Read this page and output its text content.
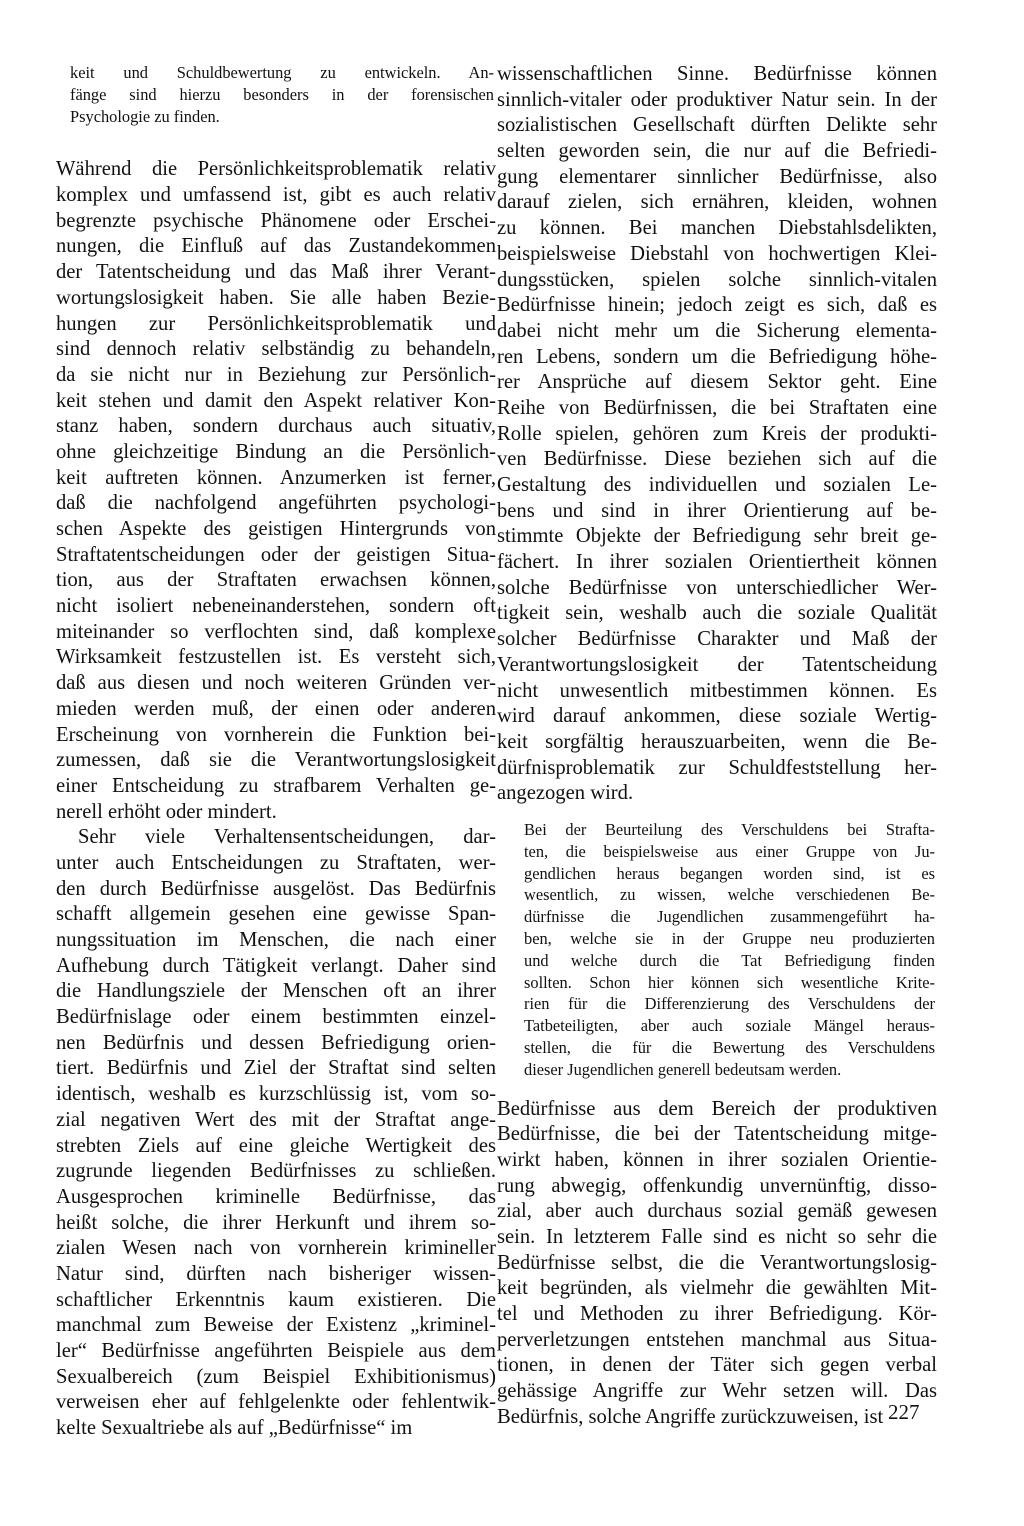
keit und Schuldbewertung zu entwickeln. An-
fänge sind hierzu besonders in der forensischen
Psychologie zu finden.
Während die Persönlichkeitsproblematik relativ
komplex und umfassend ist, gibt es auch relativ
begrenzte psychische Phänomene oder Erschei-
nungen, die Einfluß auf das Zustandekommen
der Tatentscheidung und das Maß ihrer Verant-
wortungslosigkeit haben. Sie alle haben Bezie-
hungen zur Persönlichkeitsproblematik und
sind dennoch relativ selbständig zu behandeln,
da sie nicht nur in Beziehung zur Persönlich-
keit stehen und damit den Aspekt relativer Kon-
stanz haben, sondern durchaus auch situativ,
ohne gleichzeitige Bindung an die Persönlich-
keit auftreten können. Anzumerken ist ferner,
daß die nachfolgend angeführten psychologi-
schen Aspekte des geistigen Hintergrunds von
Straftatentscheidungen oder der geistigen Situa-
tion, aus der Straftaten erwachsen können,
nicht isoliert nebeneinanderstehen, sondern oft
miteinander so verflochten sind, daß komplexe
Wirksamkeit festzustellen ist. Es versteht sich,
daß aus diesen und noch weiteren Gründen ver-
mieden werden muß, der einen oder anderen
Erscheinung von vornherein die Funktion bei-
zumessen, daß sie die Verantwortungslosigkeit
einer Entscheidung zu strafbarem Verhalten ge-
nerell erhöht oder mindert.
Sehr viele Verhaltensentscheidungen, dar-
unter auch Entscheidungen zu Straftaten, wer-
den durch Bedürfnisse ausgelöst. Das Bedürfnis
schafft allgemein gesehen eine gewisse Span-
nungssituation im Menschen, die nach einer
Aufhebung durch Tätigkeit verlangt. Daher sind
die Handlungsziele der Menschen oft an ihrer
Bedürfnislage oder einem bestimmten einzel-
nen Bedürfnis und dessen Befriedigung orien-
tiert. Bedürfnis und Ziel der Straftat sind selten
identisch, weshalb es kurzschlüssig ist, vom so-
zial negativen Wert des mit der Straftat ange-
strebten Ziels auf eine gleiche Wertigkeit des
zugrunde liegenden Bedürfnisses zu schließen.
Ausgesprochen kriminelle Bedürfnisse, das
heißt solche, die ihrer Herkunft und ihrem so-
zialen Wesen nach von vornherein krimineller
Natur sind, dürften nach bisheriger wissen-
schaftlicher Erkenntnis kaum existieren. Die
manchmal zum Beweise der Existenz „kriminel-
ler“ Bedürfnisse angeführten Beispiele aus dem
Sexualbereich (zum Beispiel Exhibitionismus)
verweisen eher auf fehlgelenkte oder fehlentwik-
kelte Sexualtriebe als auf „Bedürfnisse“ im
wissenschaftlichen Sinne. Bedürfnisse können
sinnlich-vitaler oder produktiver Natur sein. In der
sozialistischen Gesellschaft dürften Delikte sehr
selten geworden sein, die nur auf die Befriedi-
gung elementarer sinnlicher Bedürfnisse, also
darauf zielen, sich ernähren, kleiden, wohnen
zu können. Bei manchen Diebstahlsdelikten,
beispielsweise Diebstahl von hochwertigen Klei-
dungsstücken, spielen solche sinnlich-vitalen
Bedürfnisse hinein; jedoch zeigt es sich, daß es
dabei nicht mehr um die Sicherung elementa-
ren Lebens, sondern um die Befriedigung höhe-
rer Ansprüche auf diesem Sektor geht. Eine
Reihe von Bedürfnissen, die bei Straftaten eine
Rolle spielen, gehören zum Kreis der produkti-
ven Bedürfnisse. Diese beziehen sich auf die
Gestaltung des individuellen und sozialen Le-
bens und sind in ihrer Orientierung auf be-
stimmte Objekte der Befriedigung sehr breit ge-
fächert. In ihrer sozialen Orientiertheit können
solche Bedürfnisse von unterschiedlicher Wer-
tigkeit sein, weshalb auch die soziale Qualität
solcher Bedürfnisse Charakter und Maß der
Verantwortungslosigkeit der Tatentscheidung
nicht unwesentlich mitbestimmen können. Es
wird darauf ankommen, diese soziale Wertig-
keit sorgfältig herauszuarbeiten, wenn die Be-
dürfnisproblematik zur Schuldfeststellung her-
angezogen wird.
Bei der Beurteilung des Verschuldens bei Strafta-
ten, die beispielsweise aus einer Gruppe von Ju-
gendlichen heraus begangen worden sind, ist es
wesentlich, zu wissen, welche verschiedenen Be-
dürfnisse die Jugendlichen zusammengeführt ha-
ben, welche sie in der Gruppe neu produzierten
und welche durch die Tat Befriedigung finden
sollten. Schon hier können sich wesentliche Krite-
rien für die Differenzierung des Verschuldens der
Tatbeteiligten, aber auch soziale Mängel heraus-
stellen, die für die Bewertung des Verschuldens
dieser Jugendlichen generell bedeutsam werden.
Bedürfnisse aus dem Bereich der produktiven
Bedürfnisse, die bei der Tatentscheidung mitge-
wirkt haben, können in ihrer sozialen Orientie-
rung abwegig, offenkundig unvernünftig, disso-
zial, aber auch durchaus sozial gemäß gewesen
sein. In letzterem Falle sind es nicht so sehr die
Bedürfnisse selbst, die die Verantwortungslosig-
keit begründen, als vielmehr die gewählten Mit-
tel und Methoden zu ihrer Befriedigung. Kör-
perverletzungen entstehen manchmal aus Situa-
tionen, in denen der Täter sich gegen verbal
gehässige Angriffe zur Wehr setzen will. Das
Bedürfnis, solche Angriffe zurückzuweisen, ist 227
